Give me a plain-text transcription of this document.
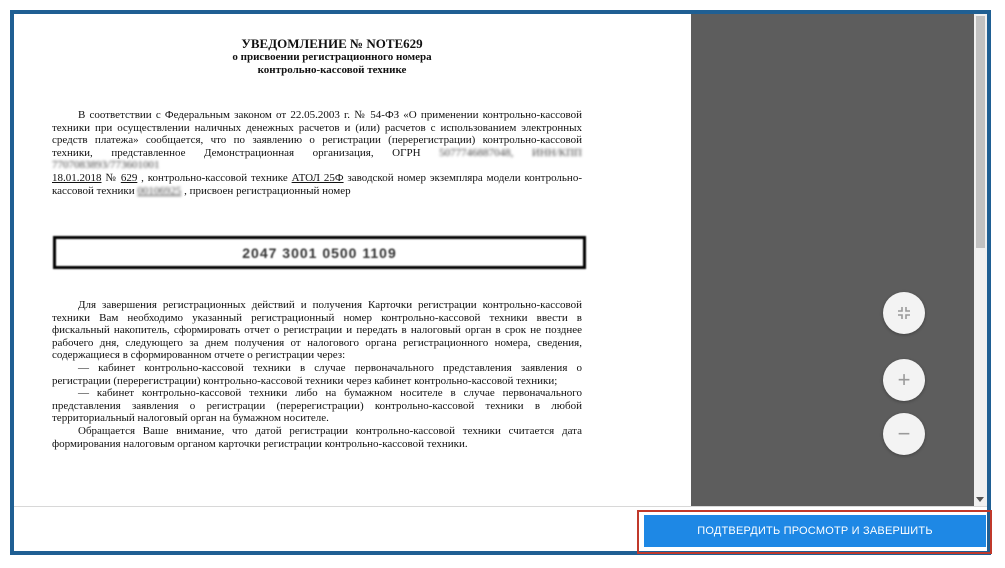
УВЕДОМЛЕНИЕ № NOTE629
о присвоении регистрационного номера
контрольно-кассовой технике

В соответствии с Федеральным законом от 22.05.2003 г. № 54-ФЗ «О применении контрольно-кассовой техники при осуществлении наличных денежных расчетов и (или) расчетов с использованием электронных средств платежа» сообщается, что по заявлению о регистрации (перерегистрации) контрольно-кассовой техники, представленное Демонстрационная организация, ОГРН 5077746887048, ИНН/КПП 7707083893/773601001
18.01.2018 № 629 , контрольно-кассовой технике АТОЛ 25Ф заводской номер экземпляра модели контрольно-кассовой техники 00106925 , присвоен регистрационный номер

2047 3001 0500 1109

Для завершения регистрационных действий и получения Карточки регистрации контрольно-кассовой техники Вам необходимо указанный регистрационный номер контрольно-кассовой техники ввести в фискальный накопитель, сформировать отчет о регистрации и передать в налоговый орган в срок не позднее рабочего дня, следующего за днем получения от налогового органа регистрационного номера, сведения, содержащиеся в сформированном отчете о регистрации через:
— кабинет контрольно-кассовой техники в случае первоначального представления заявления о регистрации (перерегистрации) контрольно-кассовой техники через кабинет контрольно-кассовой техники;
— кабинет контрольно-кассовой техники либо на бумажном носителе в случае первоначального представления заявления о регистрации (перерегистрации) контрольно-кассовой техники в любой территориальный налоговый орган на бумажном носителе.
Обращается Ваше внимание, что датой регистрации контрольно-кассовой техники считается дата формирования налоговым органом карточки регистрации контрольно-кассовой техники.

+
−
ПОДТВЕРДИТЬ ПРОСМОТР И ЗАВЕРШИТЬ
